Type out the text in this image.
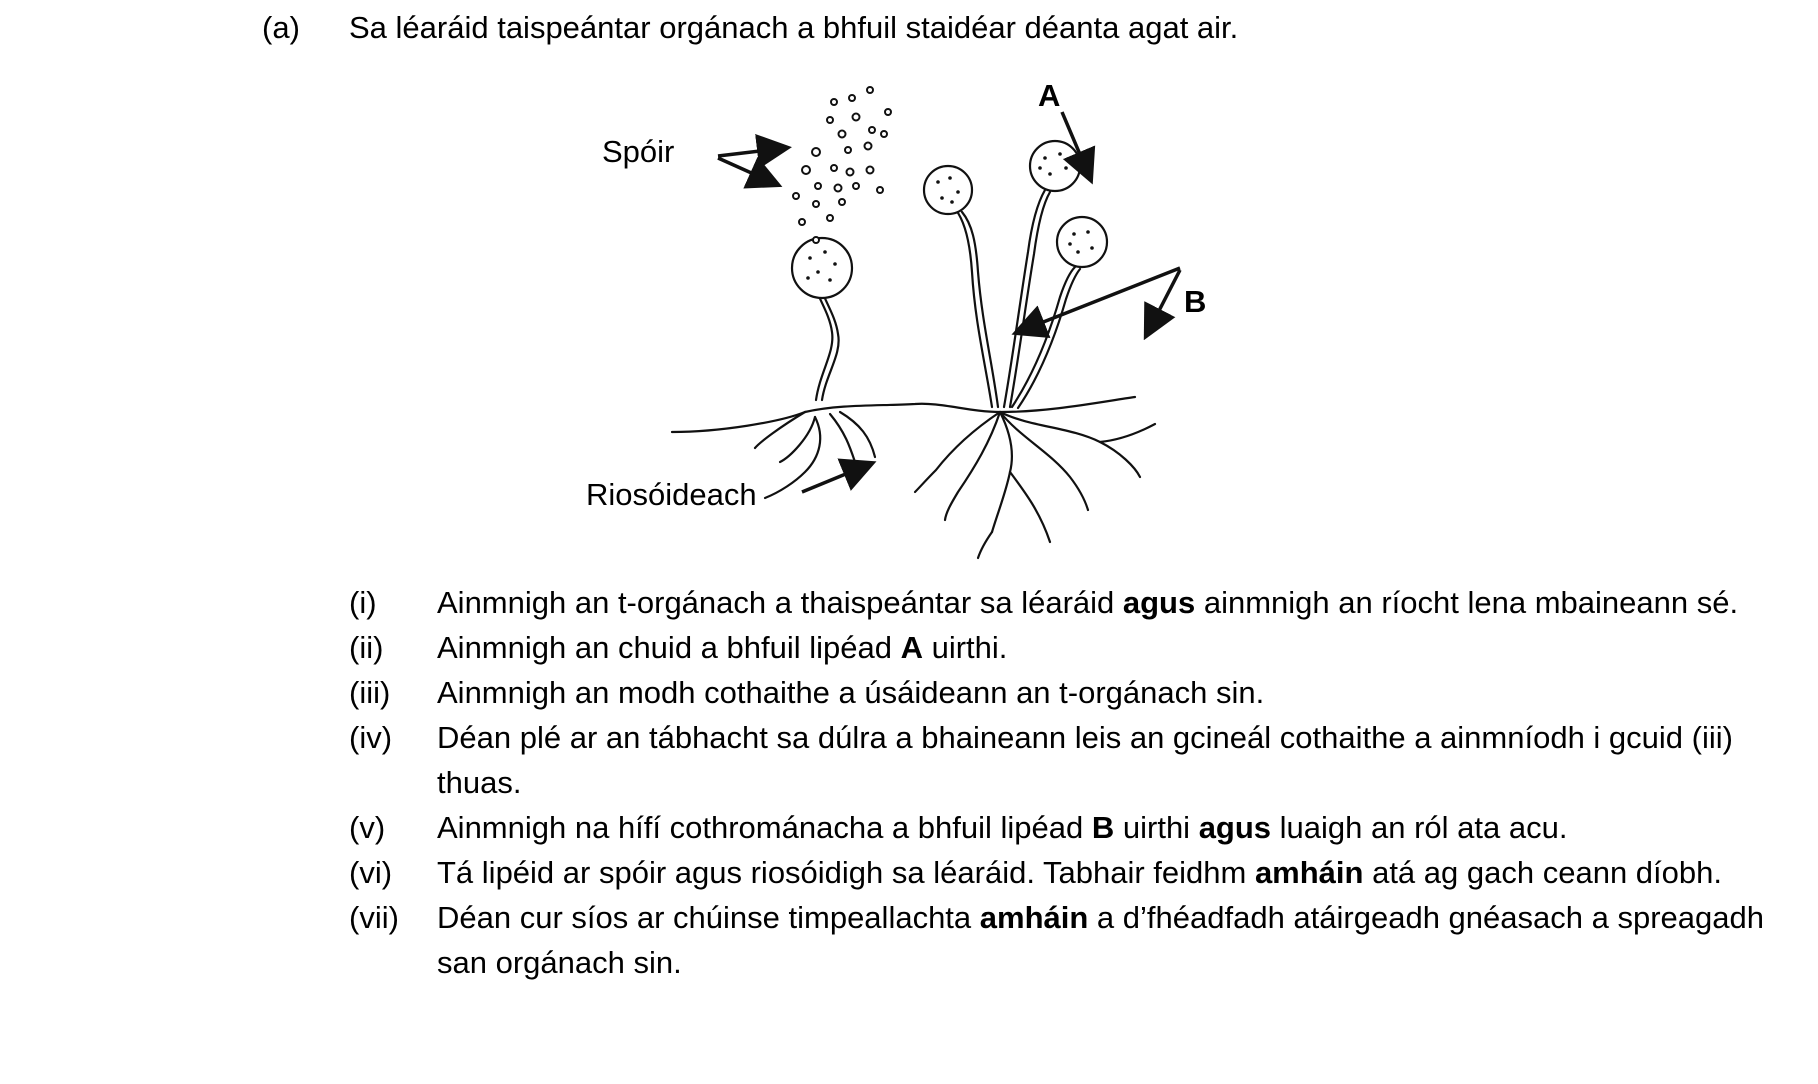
(a) Sa léaráid taispeántar orgánach a bhfuil staidéar déanta agat air.
Spóir
A
B
Riosóideach
(i)	Ainmnigh an t-orgánach a thaispeántar sa léaráid agus ainmnigh an ríocht lena mbaineann sé.
(ii)	Ainmnigh an chuid a bhfuil lipéad A uirthi.
(iii)	Ainmnigh an modh cothaithe a úsáideann an t-orgánach sin.
(iv)	Déan plé ar an tábhacht sa dúlra a bhaineann leis an gcineál cothaithe a ainmníodh i gcuid (iii) thuas.
(v)	Ainmnigh na hífí cothrománacha a bhfuil lipéad B uirthi agus luaigh an ról ata acu.
(vi)	Tá lipéid ar spóir agus riosóidigh sa léaráid. Tabhair feidhm amháin atá ag gach ceann díobh.
(vii)	Déan cur síos ar chúinse timpeallachta amháin a d’fhéadfadh atáirgeadh gnéasach a spreagadh san orgánach sin.
